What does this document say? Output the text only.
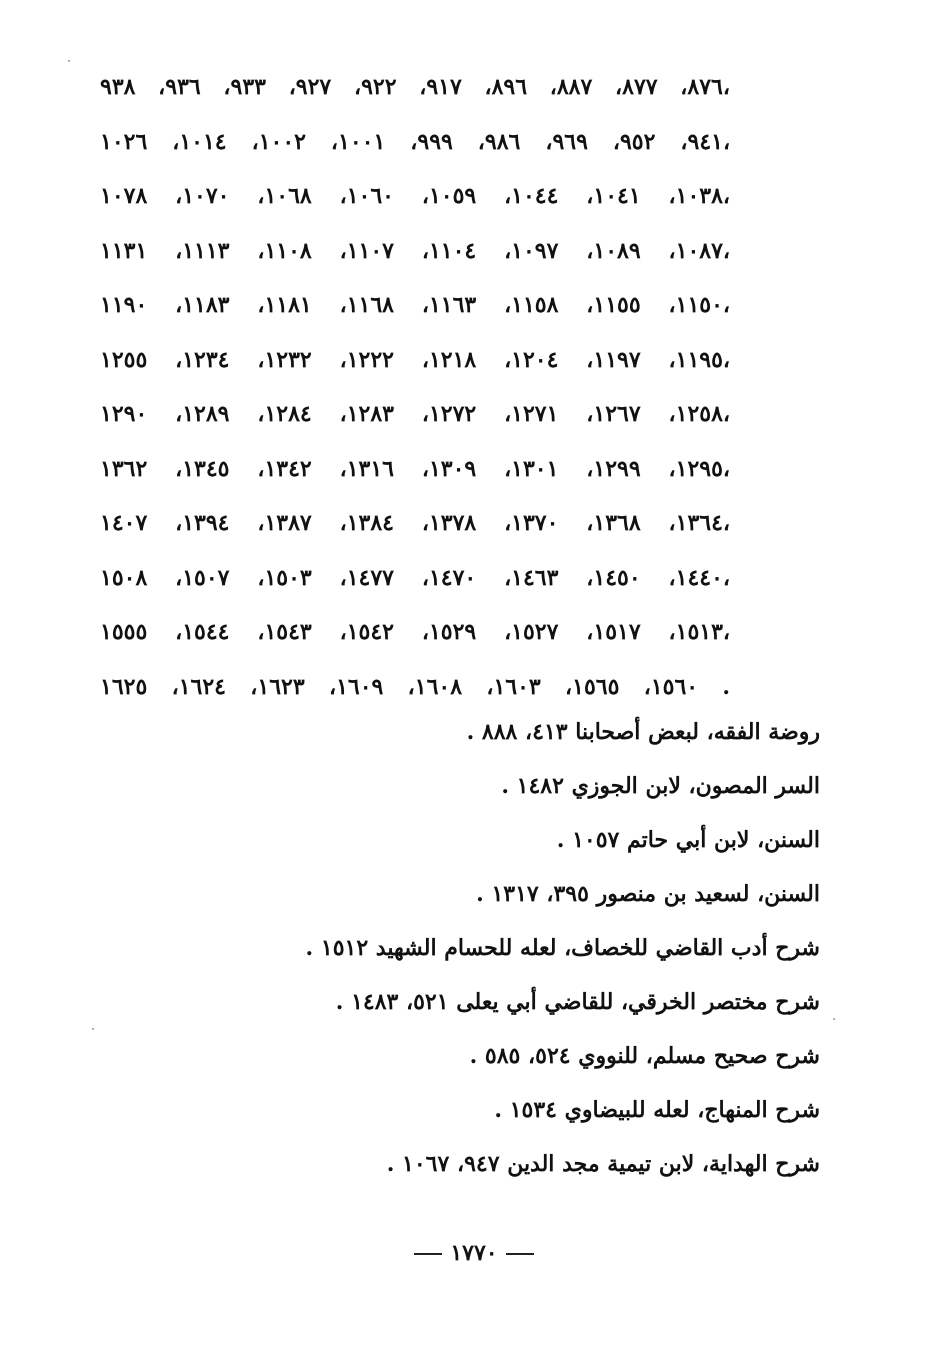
٨٧٦، ٨٧٧، ٨٨٧، ٨٩٦، ٩١٧، ٩٢٢، ٩٢٧، ٩٣٣، ٩٣٦، ٩٣٨،
٩٤١، ٩٥٢، ٩٦٩، ٩٨٦، ٩٩٩، ١٠٠١، ١٠٠٢، ١٠١٤، ١٠٢٦،
١٠٣٨، ١٠٤١، ١٠٤٤، ١٠٥٩، ١٠٦٠، ١٠٦٨، ١٠٧٠، ١٠٧٨،
١٠٨٧، ١٠٨٩، ١٠٩٧، ١١٠٤، ١١٠٧، ١١٠٨، ١١١٣، ١١٣١،
١١٥٠، ١١٥٥، ١١٥٨، ١١٦٣، ١١٦٨، ١١٨١، ١١٨٣، ١١٩٠،
١١٩٥، ١١٩٧، ١٢٠٤، ١٢١٨، ١٢٢٢، ١٢٣٢، ١٢٣٤، ١٢٥٥،
١٢٥٨، ١٢٦٧، ١٢٧١، ١٢٧٢، ١٢٨٣، ١٢٨٤، ١٢٨٩، ١٢٩٠،
١٢٩٥، ١٢٩٩، ١٣٠١، ١٣٠٩، ١٣١٦، ١٣٤٢، ١٣٤٥، ١٣٦٢،
١٣٦٤، ١٣٦٨، ١٣٧٠، ١٣٧٨، ١٣٨٤، ١٣٨٧، ١٣٩٤، ١٤٠٧،
١٤٤٠، ١٤٥٠، ١٤٦٣، ١٤٧٠، ١٤٧٧، ١٥٠٣، ١٥٠٧، ١٥٠٨،
١٥١٣، ١٥١٧، ١٥٢٧، ١٥٢٩، ١٥٤٢، ١٥٤٣، ١٥٤٤، ١٥٥٥،
١٥٦٠، ١٥٦٥، ١٦٠٣، ١٦٠٨، ١٦٠٩، ١٦٢٣، ١٦٢٤، ١٦٢٥ .
روضة الفقه، لبعض أصحابنا ٤١٣، ٨٨٨ .
السر المصون، لابن الجوزي ١٤٨٢ .
السنن، لابن أبي حاتم ١٠٥٧ .
السنن، لسعيد بن منصور ٣٩٥، ١٣١٧ .
شرح أدب القاضي للخصاف، لعله للحسام الشهيد ١٥١٢ .
شرح مختصر الخرقي، للقاضي أبي يعلى ٥٢١، ١٤٨٣ .
شرح صحيح مسلم، للنووي ٥٢٤، ٥٨٥ .
شرح المنهاج، لعله للبيضاوي ١٥٣٤ .
شرح الهداية، لابن تيمية مجد الدين ٩٤٧، ١٠٦٧ .
١٧٧٠
